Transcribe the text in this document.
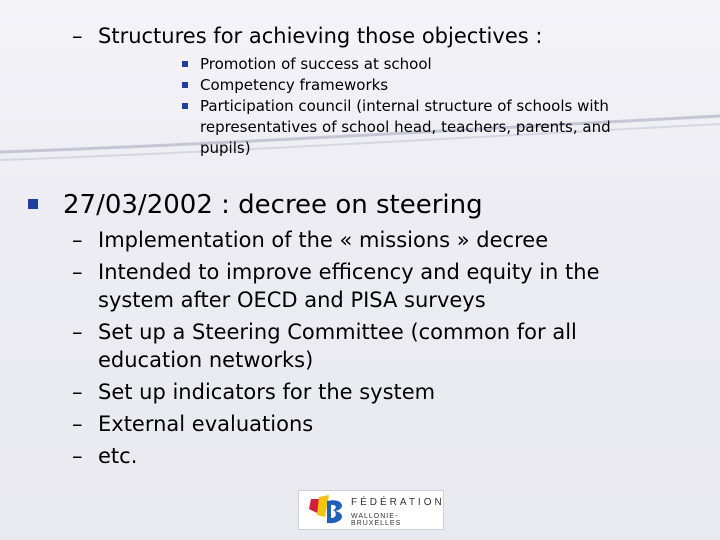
– Structures for achieving those objectives :
Promotion of success at school
Competency frameworks
Participation council (internal structure of schools with representatives of school head, teachers, parents, and pupils)
27/03/2002 : decree on steering
– Implementation of the « missions » decree
– Intended to improve efficency and equity in the system after OECD and PISA surveys
– Set up a Steering Committee (common for all education networks)
– Set up indicators for the system
– External evaluations
– etc.
FÉDÉRATION
WALLONIE-BRUXELLES
